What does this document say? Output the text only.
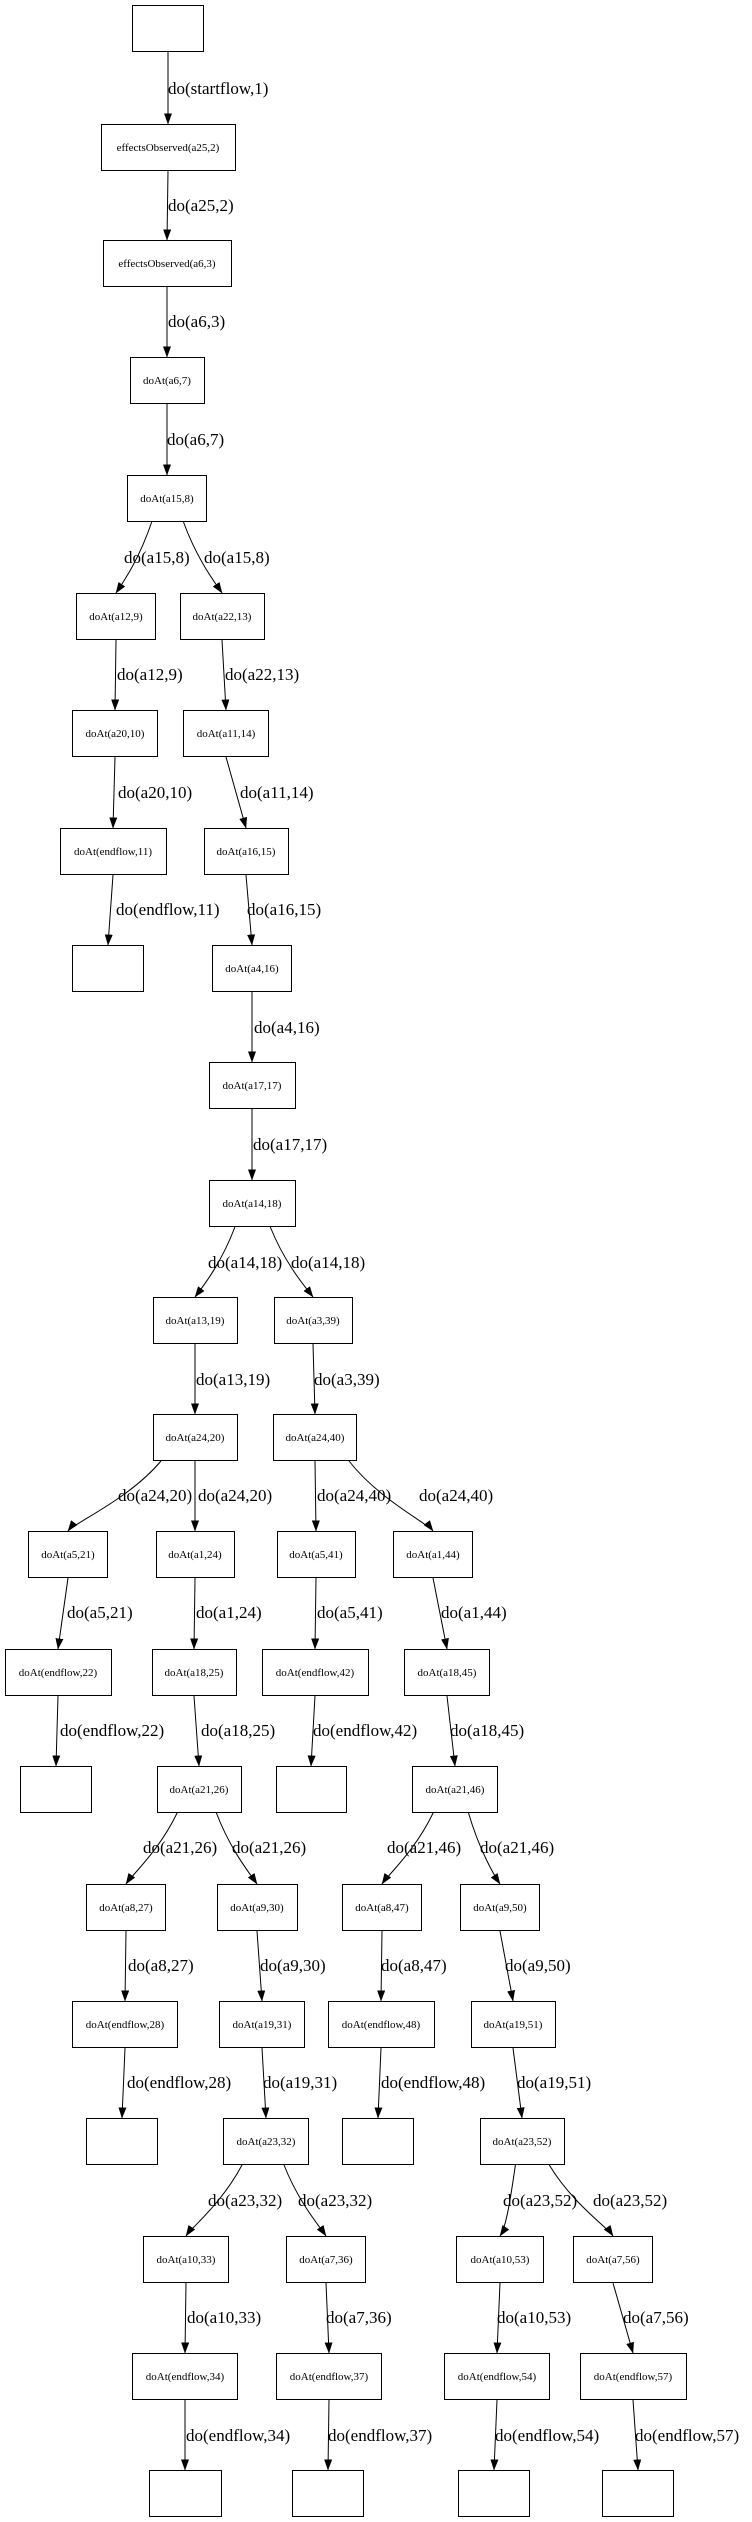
effectsObserved(a25,2)
effectsObserved(a6,3)
doAt(a6,7)
doAt(a15,8)
doAt(a12,9)	doAt(a22,13)
doAt(a20,10)	doAt(a11,14)
doAt(endflow,11)	doAt(a16,15)
doAt(a4,16)
doAt(a17,17)
doAt(a14,18)
doAt(a13,19)	doAt(a3,39)
doAt(a24,20)	doAt(a24,40)
doAt(a5,21)	doAt(a1,24)	doAt(a5,41)	doAt(a1,44)
doAt(endflow,22)	doAt(a18,25)	doAt(endflow,42)	doAt(a18,45)
doAt(a21,26)	doAt(a21,46)
doAt(a8,27)	doAt(a9,30)	doAt(a8,47)	doAt(a9,50)
doAt(endflow,28)	doAt(a19,31)	doAt(endflow,48)	doAt(a19,51)
doAt(a23,32)	doAt(a23,52)
doAt(a10,33)	doAt(a7,36)	doAt(a10,53)	doAt(a7,56)
doAt(endflow,34)	doAt(endflow,37)	doAt(endflow,54)	doAt(endflow,57)
do(startflow,1)
do(a25,2)
do(a6,3)
do(a6,7)
do(a15,8) do(a15,8)
do(a12,9) do(a22,13)
do(a20,10)	do(a11,14)
do(endflow,11) do(a16,15)
do(a4,16)
do(a17,17)
do(a14,18) do(a14,18)
do(a13,19)	do(a3,39)
do(a24,20) do(a24,20)	do(a24,40) do(a24,40)
do(a5,21)	do(a1,24)	do(a5,41)	do(a1,44)
do(endflow,22) do(a18,25) do(endflow,42) do(a18,45)
do(a21,26) do(a21,26)	do(a21,46) do(a21,46)
do(a8,27)	do(a9,30)	do(a8,47)	do(a9,50)
do(endflow,28) do(a19,31)	do(endflow,48) do(a19,51)
do(a23,32) do(a23,32)	do(a23,52) do(a23,52)
do(a10,33)	do(a7,36)	do(a10,53)	do(a7,56)
do(endflow,34) do(endflow,37)	do(endflow,54) do(endflow,57)
